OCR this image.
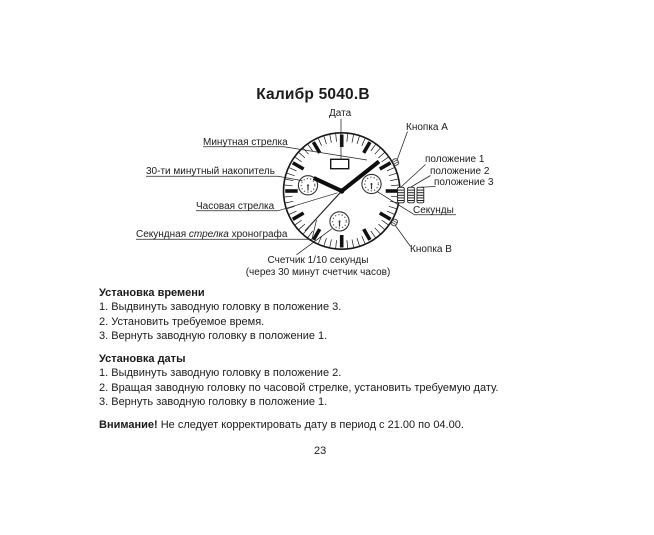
Калибр 5040.В
Дата
Кнопка А
Минутная стрелка
30-ти минутный накопитель
Часовая стрелка
Секундная стрелка хронографа
положение 1
положение 2
положение 3
Секунды
Кнопка В
Счетчик 1/10 секунды
(через 30 минут счетчик часов)
Установка времени
1. Выдвинуть заводную головку в положение 3.
2. Установить требуемое время.
3. Вернуть заводную головку в положение 1.
Установка даты
1. Выдвинуть заводную головку в положение 2.
2. Вращая заводную головку по часовой стрелке, установить требуемую дату.
3. Вернуть заводную головку в положение 1.
Внимание! Не следует корректировать дату в период с 21.00 по 04.00.
23
